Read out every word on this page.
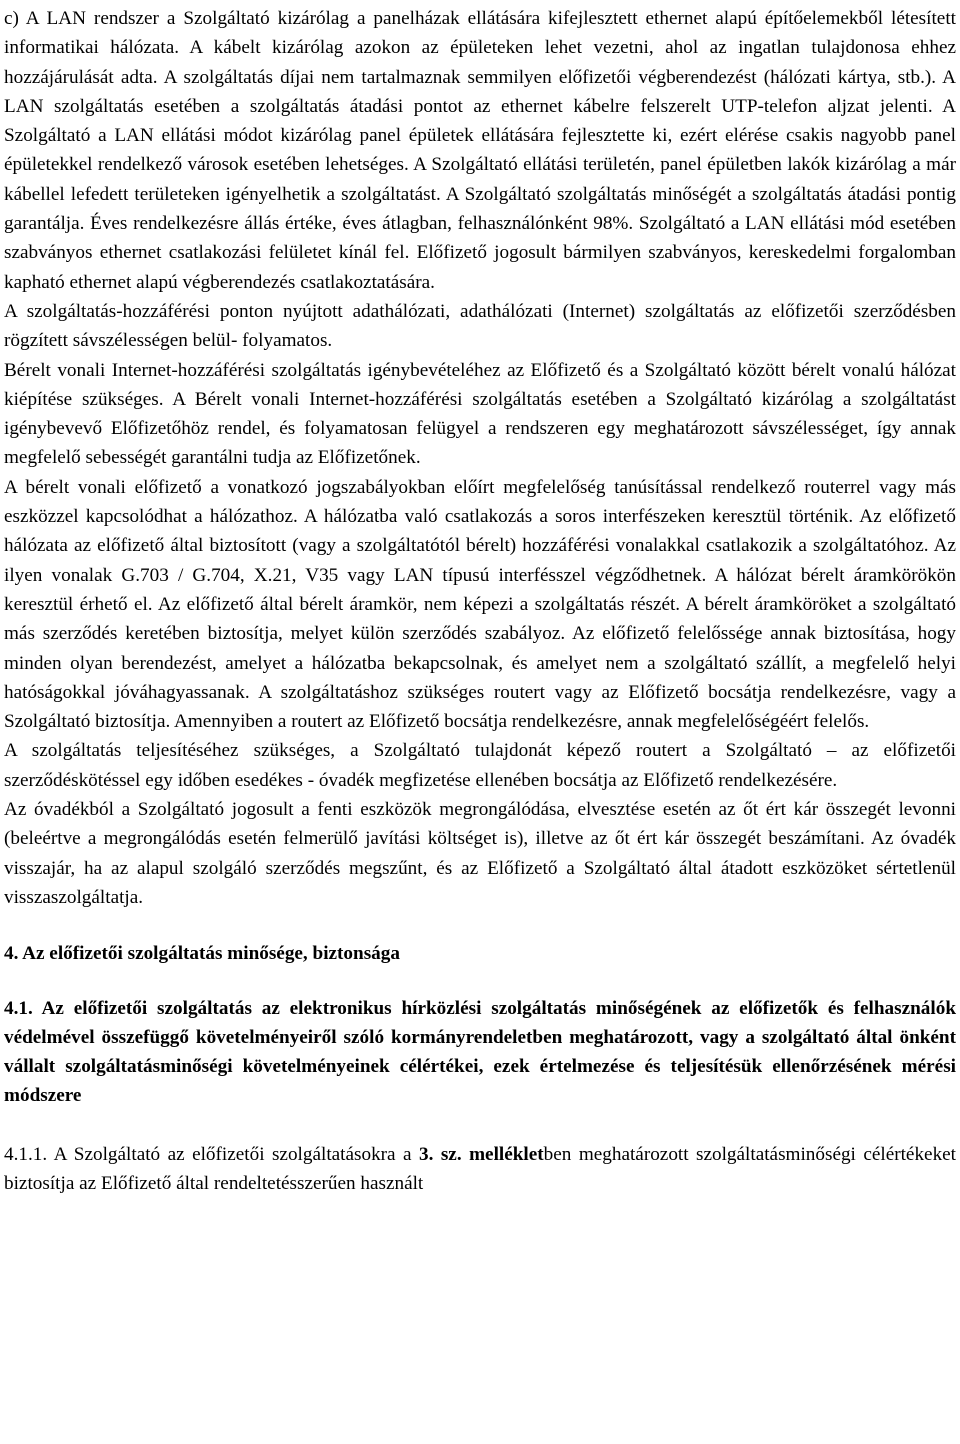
c) A LAN rendszer a Szolgáltató kizárólag a panelházak ellátására kifejlesztett ethernet alapú építőelemekből létesített informatikai hálózata. A kábelt kizárólag azokon az épületeken lehet vezetni, ahol az ingatlan tulajdonosa ehhez hozzájárulását adta. A szolgáltatás díjai nem tartalmaznak semmilyen előfizetői végberendezést (hálózati kártya, stb.). A LAN szolgáltatás esetében a szolgáltatás átadási pontot az ethernet kábelre felszerelt UTP-telefon aljzat jelenti. A Szolgáltató a LAN ellátási módot kizárólag panel épületek ellátására fejlesztette ki, ezért elérése csakis nagyobb panel épületekkel rendelkező városok esetében lehetséges. A Szolgáltató ellátási területén, panel épületben lakók kizárólag a már kábellel lefedett területeken igényelhetik a szolgáltatást. A Szolgáltató szolgáltatás minőségét a szolgáltatás átadási pontig garantálja. Éves rendelkezésre állás értéke, éves átlagban, felhasználónként 98%. Szolgáltató a LAN ellátási mód esetében szabványos ethernet csatlakozási felületet kínál fel. Előfizető jogosult bármilyen szabványos, kereskedelmi forgalomban kapható ethernet alapú végberendezés csatlakoztatására.

A szolgáltatás-hozzáférési ponton nyújtott adathálózati, adathálózati (Internet) szolgáltatás az előfizetői szerződésben rögzített sávszélességen belül- folyamatos.

Bérelt vonali Internet-hozzáférési szolgáltatás igénybevételéhez az Előfizető és a Szolgáltató között bérelt vonalú hálózat kiépítése szükséges. A Bérelt vonali Internet-hozzáférési szolgáltatás esetében a Szolgáltató kizárólag a szolgáltatást igénybevevő Előfizetőhöz rendel, és folyamatosan felügyel a rendszeren egy meghatározott sávszélességet, így annak megfelelő sebességét garantálni tudja az Előfizetőnek.

A bérelt vonali előfizető a vonatkozó jogszabályokban előírt megfelelőség tanúsítással rendelkező routerrel vagy más eszközzel kapcsolódhat a hálózathoz. A hálózatba való csatlakozás a soros interfészeken keresztül történik. Az előfizető hálózata az előfizető által biztosított (vagy a szolgáltatótól bérelt) hozzáférési vonalakkal csatlakozik a szolgáltatóhoz. Az ilyen vonalak G.703 / G.704, X.21, V35 vagy LAN típusú interfésszel végződhetnek. A hálózat bérelt áramkörökön keresztül érhető el. Az előfizető által bérelt áramkör, nem képezi a szolgáltatás részét. A bérelt áramköröket a szolgáltató más szerződés keretében biztosítja, melyet külön szerződés szabályoz. Az előfizető felelőssége annak biztosítása, hogy minden olyan berendezést, amelyet a hálózatba bekapcsolnak, és amelyet nem a szolgáltató szállít, a megfelelő helyi hatóságokkal jóváhagyassanak. A szolgáltatáshoz szükséges routert vagy az Előfizető bocsátja rendelkezésre, vagy a Szolgáltató biztosítja. Amennyiben a routert az Előfizető bocsátja rendelkezésre, annak megfelelőségéért felelős.

A szolgáltatás teljesítéséhez szükséges, a Szolgáltató tulajdonát képező routert a Szolgáltató – az előfizetői szerződéskötéssel egy időben esedékes - óvadék megfizetése ellenében bocsátja az Előfizető rendelkezésére.

Az óvadékból a Szolgáltató jogosult a fenti eszközök megrongálódása, elvesztése esetén az őt ért kár összegét levonni (beleértve a megrongálódás esetén felmerülő javítási költséget is), illetve az őt ért kár összegét beszámítani. Az óvadék visszajár, ha az alapul szolgáló szerződés megszűnt, és az Előfizető a Szolgáltató által átadott eszközöket sértetlenül visszaszolgáltatja.

4. Az előfizetői szolgáltatás minősége, biztonsága

4.1. Az előfizetői szolgáltatás az elektronikus hírközlési szolgáltatás minőségének az előfizetők és felhasználók védelmével összefüggő követelményeiről szóló kormányrendeletben meghatározott, vagy a szolgáltató által önként vállalt szolgáltatásminőségi követelményeinek célértékei, ezek értelmezése és teljesítésük ellenőrzésének mérési módszere

4.1.1. A Szolgáltató az előfizetői szolgáltatásokra a 3. sz. mellékletben meghatározott szolgáltatásminőségi célértékeket biztosítja az Előfizető által rendeltetésszerűen használt
